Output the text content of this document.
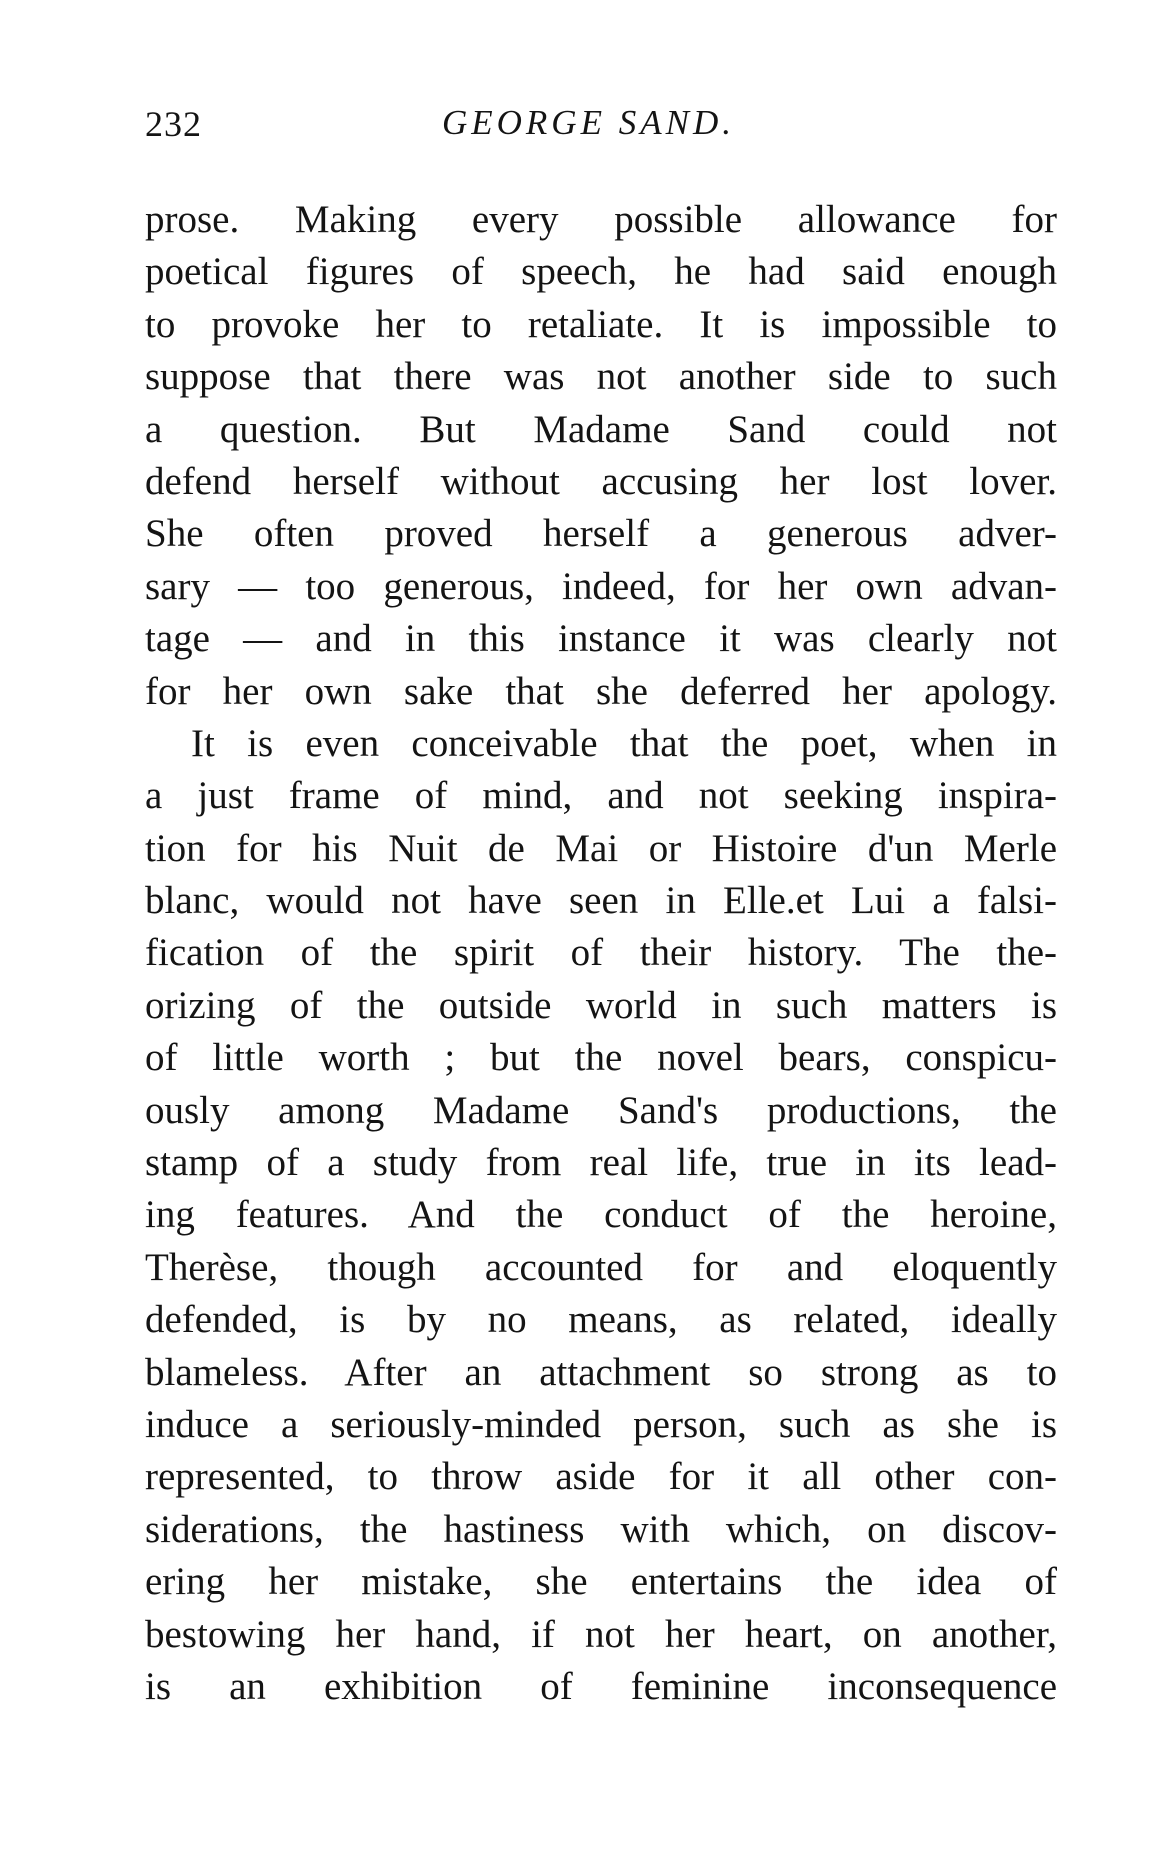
232	GEORGE SAND.
prose. Making every possible allowance for
poetical figures of speech, he had said enough
to provoke her to retaliate. It is impossible to
suppose that there was not another side to such
a question. But Madame Sand could not
defend herself without accusing her lost lover.
She often proved herself a generous adver-
sary — too generous, indeed, for her own advan-
tage — and in this instance it was clearly not
for her own sake that she deferred her apology.
It is even conceivable that the poet, when in
a just frame of mind, and not seeking inspira-
tion for his Nuit de Mai or Histoire d'un Merle
blanc, would not have seen in Elle.et Lui a falsi-
fication of the spirit of their history. The the-
orizing of the outside world in such matters is
of little worth ; but the novel bears, conspicu-
ously among Madame Sand's productions, the
stamp of a study from real life, true in its lead-
ing features. And the conduct of the heroine,
Therèse, though accounted for and eloquently
defended, is by no means, as related, ideally
blameless. After an attachment so strong as to
induce a seriously-minded person, such as she is
represented, to throw aside for it all other con-
siderations, the hastiness with which, on discov-
ering her mistake, she entertains the idea of
bestowing her hand, if not her heart, on another,
is an exhibition of feminine inconsequence
